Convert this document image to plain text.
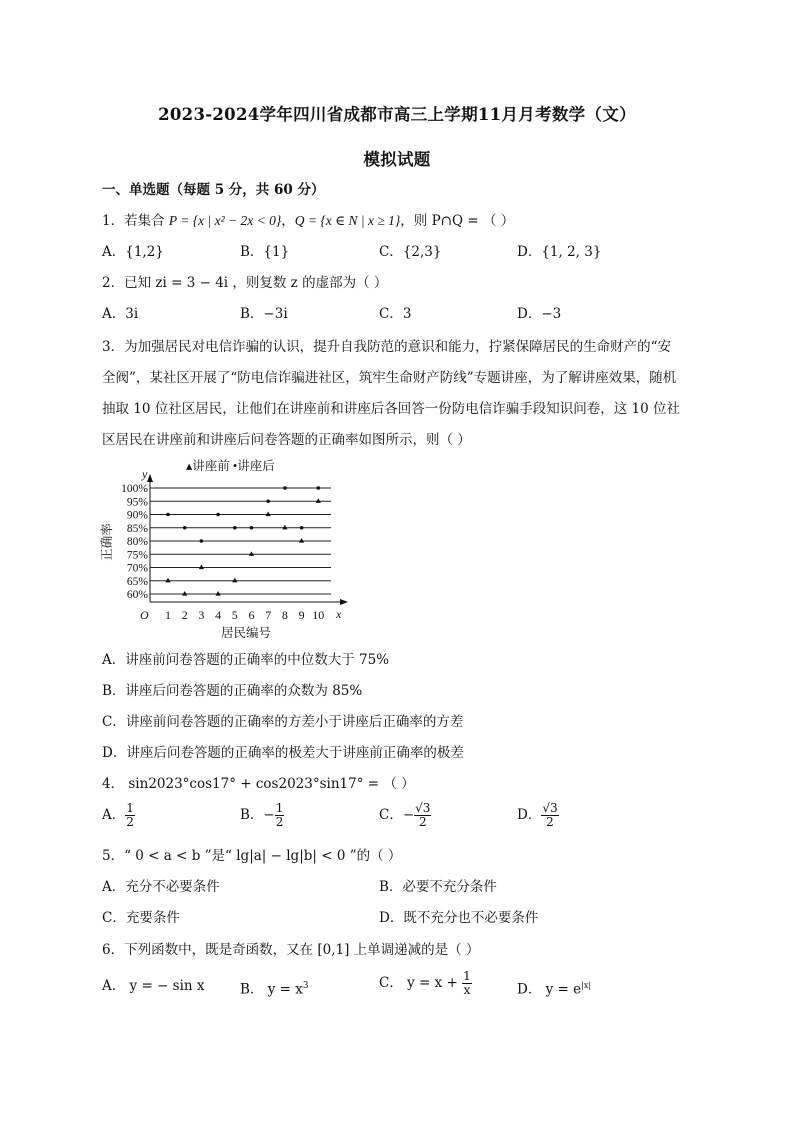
2023-2024学年四川省成都市高三上学期11月月考数学（文）
模拟试题
一、单选题（每题 5 分，共 60 分）
1．若集合 P = {x | x² − 2x < 0}，Q = {x ∈ N | x ≥ 1}，则 P∩Q = （ ）
A．{1,2}	B．{1}	C．{2,3}	D．{1, 2, 3}
2．已知 zi = 3 − 4i ，则复数 z 的虚部为（ ）
A．3i	B．−3i	C．3	D．−3
3．为加强居民对电信诈骗的认识，提升自我防范的意识和能力，拧紧保障居民的生命财产的“安
全阀”，某社区开展了“防电信诈骗进社区，筑牢生命财产防线”专题讲座，为了解讲座效果，随机
抽取 10 位社区居民，让他们在讲座前和讲座后各回答一份防电信诈骗手段知识问卷，这 10 位社
区居民在讲座前和讲座后问卷答题的正确率如图所示，则（ ）
60%
65%
70%
75%
80%
85%
90%
95%
100%
y
x
O 1 2 3 4 5 6 7 8 9 10
居民编号
正确率
▴讲座前 •讲座后
A．讲座前问卷答题的正确率的中位数大于 75%
B．讲座后问卷答题的正确率的众数为 85%
C．讲座前问卷答题的正确率的方差小于讲座后正确率的方差
D．讲座后问卷答题的正确率的极差大于讲座前正确率的极差
4． sin2023°cos17° + cos2023°sin17° = （ ）
A． $\frac{1}{2}$	B．− $\frac{1}{2}$	C．− $\frac{√3}{2}$	D． $\frac{√3}{2}$
5．“ 0 < a < b ”是“ lg|a| − lg|b| < 0 ”的（ ）
A．充分不必要条件	B．必要不充分条件
C．充要条件	D．既不充分也不必要条件
6．下列函数中，既是奇函数，又在 [0,1] 上单调递减的是（ ）
A． y = − sin x	B． $y = x^3$	C． $y = x + \frac{1}{x}$	D． $y = e^{|x|}$
